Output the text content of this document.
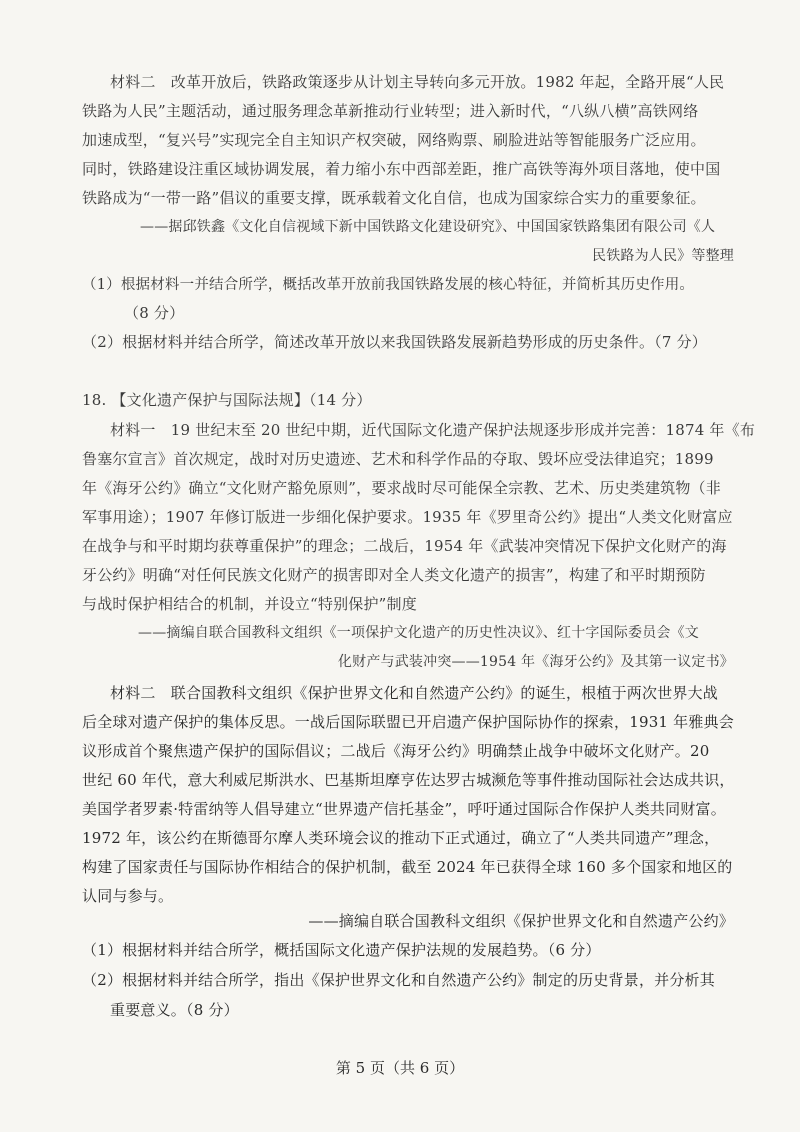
材料二　改革开放后，铁路政策逐步从计划主导转向多元开放。1982 年起，全路开展“人民
铁路为人民”主题活动，通过服务理念革新推动行业转型；进入新时代，“八纵八横”高铁网络
加速成型，“复兴号”实现完全自主知识产权突破，网络购票、刷脸进站等智能服务广泛应用。
同时，铁路建设注重区域协调发展，着力缩小东中西部差距，推广高铁等海外项目落地，使中国
铁路成为“一带一路”倡议的重要支撑，既承载着文化自信，也成为国家综合实力的重要象征。
——据邱铁鑫《文化自信视域下新中国铁路文化建设研究》、中国国家铁路集团有限公司《人
民铁路为人民》等整理
（1）根据材料一并结合所学，概括改革开放前我国铁路发展的核心特征，并简析其历史作用。
（8 分）
（2）根据材料并结合所学，简述改革开放以来我国铁路发展新趋势形成的历史条件。（7 分）
18. 【文化遗产保护与国际法规】（14 分）
材料一　19 世纪末至 20 世纪中期，近代国际文化遗产保护法规逐步形成并完善：1874 年《布
鲁塞尔宣言》首次规定，战时对历史遗迹、艺术和科学作品的夺取、毁坏应受法律追究；1899
年《海牙公约》确立“文化财产豁免原则”，要求战时尽可能保全宗教、艺术、历史类建筑物（非
军事用途）；1907 年修订版进一步细化保护要求。1935 年《罗里奇公约》提出“人类文化财富应
在战争与和平时期均获尊重保护”的理念；二战后，1954 年《武装冲突情况下保护文化财产的海
牙公约》明确“对任何民族文化财产的损害即对全人类文化遗产的损害”，构建了和平时期预防
与战时保护相结合的机制，并设立“特别保护”制度
——摘编自联合国教科文组织《一项保护文化遗产的历史性决议》、红十字国际委员会《文
化财产与武装冲突——1954 年《海牙公约》及其第一议定书》
材料二　联合国教科文组织《保护世界文化和自然遗产公约》的诞生，根植于两次世界大战
后全球对遗产保护的集体反思。一战后国际联盟已开启遗产保护国际协作的探索，1931 年雅典会
议形成首个聚焦遗产保护的国际倡议；二战后《海牙公约》明确禁止战争中破坏文化财产。20
世纪 60 年代，意大利威尼斯洪水、巴基斯坦摩亨佐达罗古城濒危等事件推动国际社会达成共识，
美国学者罗素·特雷纳等人倡导建立“世界遗产信托基金”，呼吁通过国际合作保护人类共同财富。
1972 年，该公约在斯德哥尔摩人类环境会议的推动下正式通过，确立了“人类共同遗产”理念，
构建了国家责任与国际协作相结合的保护机制，截至 2024 年已获得全球 160 多个国家和地区的
认同与参与。
——摘编自联合国教科文组织《保护世界文化和自然遗产公约》
（1）根据材料并结合所学，概括国际文化遗产保护法规的发展趋势。（6 分）
（2）根据材料并结合所学，指出《保护世界文化和自然遗产公约》制定的历史背景，并分析其
重要意义。（8 分）
第 5 页（共 6 页）
